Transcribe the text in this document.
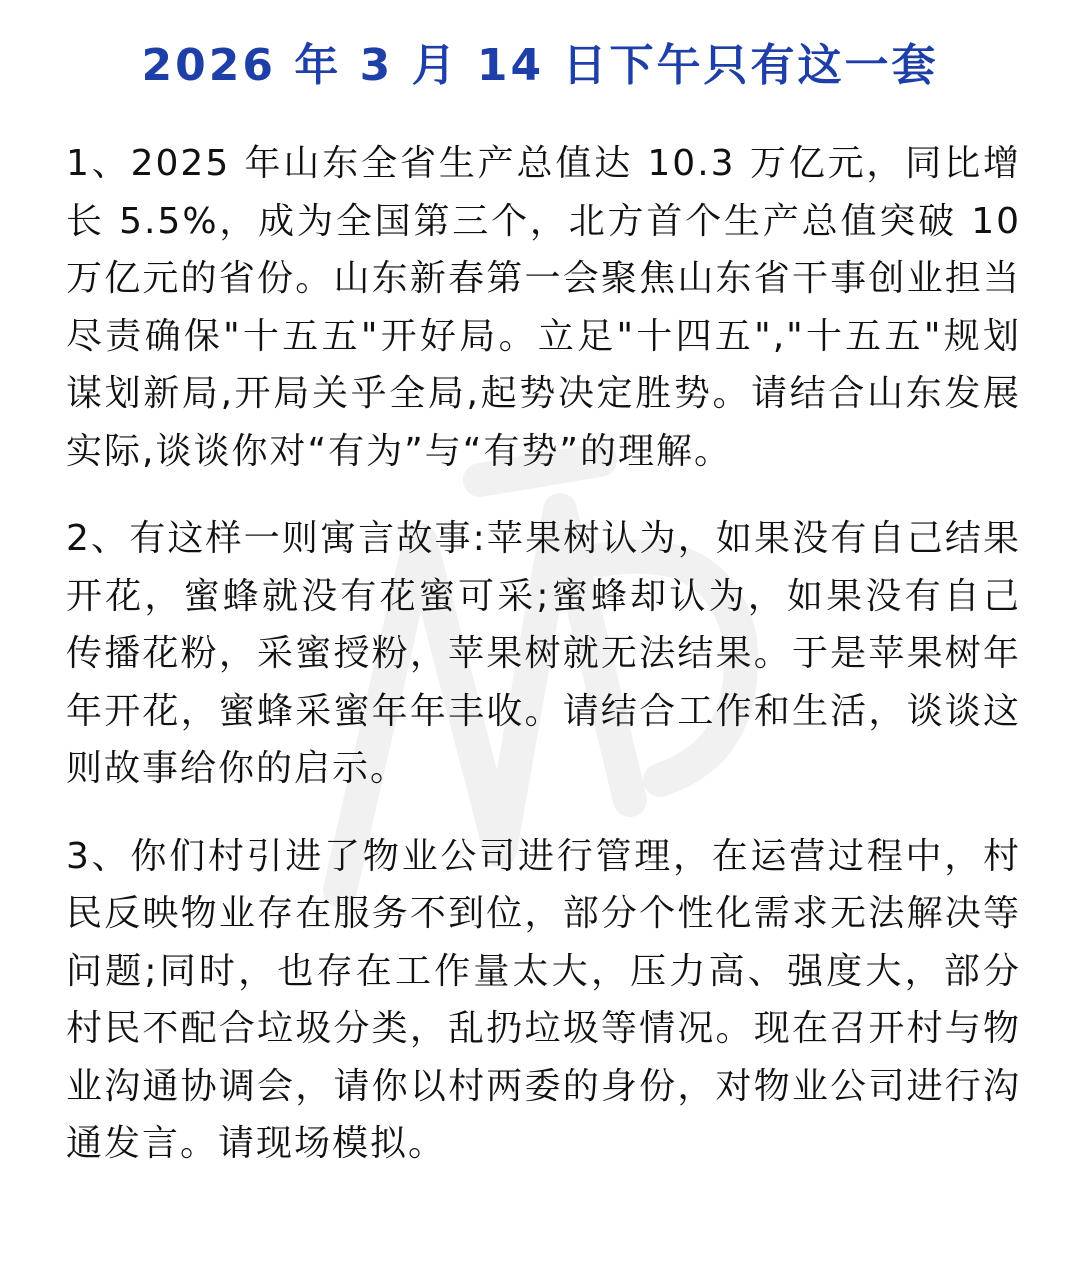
2026 年 3 月 14 日下午只有这一套

1、2025 年山东全省生产总值达 10.3 万亿元，同比增长 5.5%，成为全国第三个，北方首个生产总值突破 10 万亿元的省份。山东新春第一会聚焦山东省干事创业担当尽责确保"十五五"开好局。立足"十四五","十五五"规划谋划新局,开局关乎全局,起势决定胜势。请结合山东发展实际,谈谈你对“有为”与“有势”的理解。

2、有这样一则寓言故事:苹果树认为，如果没有自己结果开花，蜜蜂就没有花蜜可采;蜜蜂却认为，如果没有自己传播花粉，采蜜授粉，苹果树就无法结果。于是苹果树年年开花，蜜蜂采蜜年年丰收。请结合工作和生活，谈谈这则故事给你的启示。

3、你们村引进了物业公司进行管理，在运营过程中，村民反映物业存在服务不到位，部分个性化需求无法解决等问题;同时，也存在工作量太大，压力高、强度大，部分村民不配合垃圾分类，乱扔垃圾等情况。现在召开村与物业沟通协调会，请你以村两委的身份，对物业公司进行沟通发言。请现场模拟。
